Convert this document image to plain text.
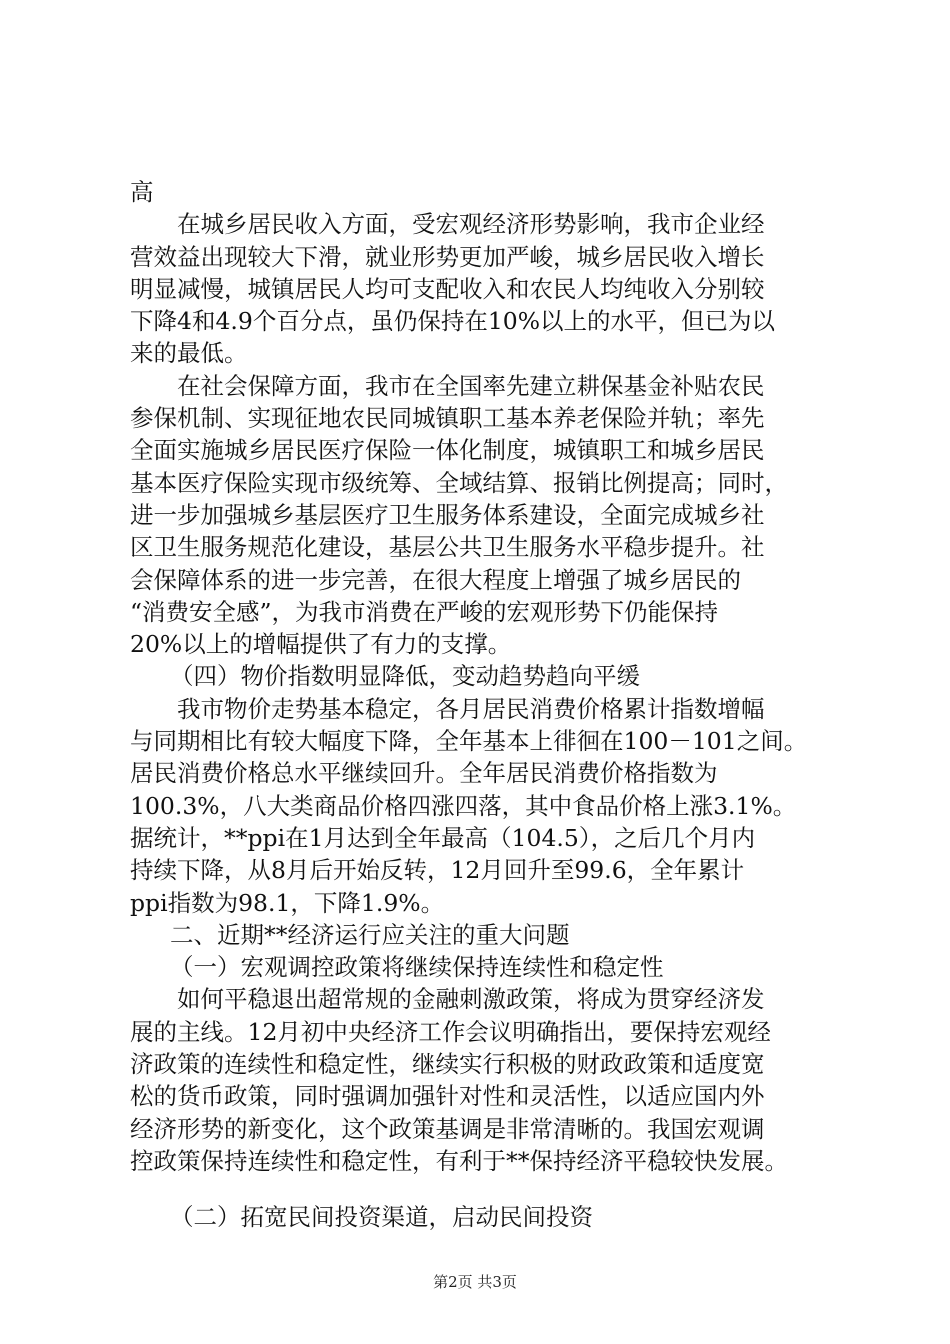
高
在城乡居民收入方面，受宏观经济形势影响，我市企业经
营效益出现较大下滑，就业形势更加严峻，城乡居民收入增长
明显减慢，城镇居民人均可支配收入和农民人均纯收入分别较
下降4和4.9个百分点，虽仍保持在10%以上的水平，但已为以
来的最低。
在社会保障方面，我市在全国率先建立耕保基金补贴农民
参保机制、实现征地农民同城镇职工基本养老保险并轨；率先
全面实施城乡居民医疗保险一体化制度，城镇职工和城乡居民
基本医疗保险实现市级统筹、全域结算、报销比例提高；同时，
进一步加强城乡基层医疗卫生服务体系建设，全面完成城乡社
区卫生服务规范化建设，基层公共卫生服务水平稳步提升。社
会保障体系的进一步完善，在很大程度上增强了城乡居民的
“消费安全感”，为我市消费在严峻的宏观形势下仍能保持
20%以上的增幅提供了有力的支撑。
（四）物价指数明显降低，变动趋势趋向平缓
我市物价走势基本稳定，各月居民消费价格累计指数增幅
与同期相比有较大幅度下降，全年基本上徘徊在100－101之间。
居民消费价格总水平继续回升。全年居民消费价格指数为
100.3%，八大类商品价格四涨四落，其中食品价格上涨3.1%。
据统计，**ppi在1月达到全年最高（104.5），之后几个月内
持续下降，从8月后开始反转，12月回升至99.6，全年累计
ppi指数为98.1，下降1.9%。
二、近期**经济运行应关注的重大问题
（一）宏观调控政策将继续保持连续性和稳定性
如何平稳退出超常规的金融刺激政策，将成为贯穿经济发
展的主线。12月初中央经济工作会议明确指出，要保持宏观经
济政策的连续性和稳定性，继续实行积极的财政政策和适度宽
松的货币政策，同时强调加强针对性和灵活性，以适应国内外
经济形势的新变化，这个政策基调是非常清晰的。我国宏观调
控政策保持连续性和稳定性，有利于**保持经济平稳较快发展。
（二）拓宽民间投资渠道，启动民间投资
第2页 共3页
